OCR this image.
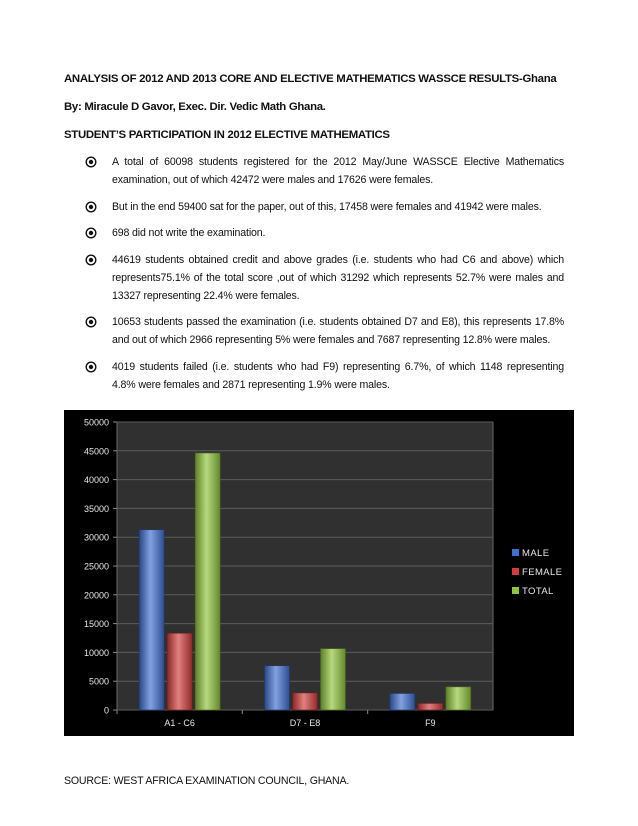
ANALYSIS OF 2012 AND 2013 CORE AND ELECTIVE MATHEMATICS WASSCE RESULTS-Ghana
By: Miracule D Gavor, Exec. Dir. Vedic Math Ghana.
STUDENT’S PARTICIPATION IN 2012 ELECTIVE MATHEMATICS
A total of 60098 students registered for the 2012 May/June WASSCE Elective Mathematics examination, out of which 42472 were males and 17626 were females.
But in the end 59400 sat for the paper, out of this, 17458 were females and 41942 were males.
698 did not write the examination.
44619 students obtained credit and above grades (i.e. students who had C6 and above) which represents75.1% of the total score ,out of which 31292 which represents 52.7% were males and 13327 representing 22.4% were females.
10653 students passed the examination (i.e. students obtained D7 and E8), this represents 17.8% and out of which 2966 representing 5% were females and 7687 representing 12.8% were males.
4019 students failed (i.e. students who had F9) representing 6.7%, of which 1148 representing 4.8% were females and 2871 representing 1.9% were males.
0
5000
10000
15000
20000
25000
30000
35000
40000
45000
50000
A1 - C6	D7 - E8	F9
MALE
FEMALE
TOTAL
SOURCE: WEST AFRICA EXAMINATION COUNCIL, GHANA.
